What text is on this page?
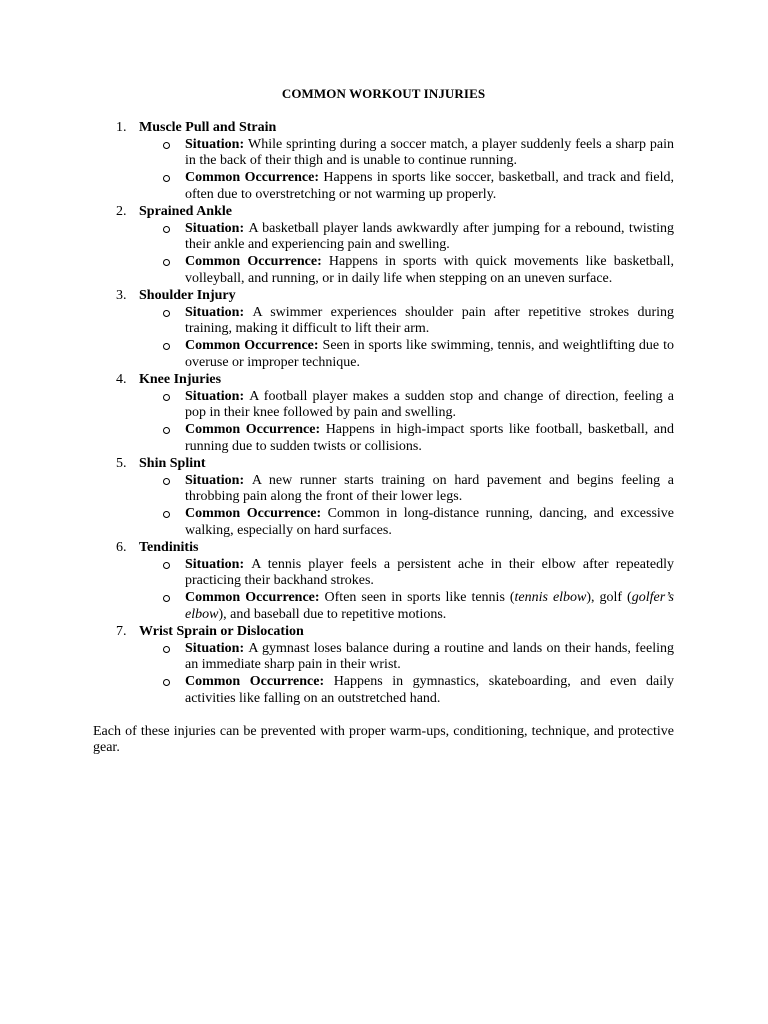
COMMON WORKOUT INJURIES
1. Muscle Pull and Strain
Situation: While sprinting during a soccer match, a player suddenly feels a sharp pain in the back of their thigh and is unable to continue running.
Common Occurrence: Happens in sports like soccer, basketball, and track and field, often due to overstretching or not warming up properly.
2. Sprained Ankle
Situation: A basketball player lands awkwardly after jumping for a rebound, twisting their ankle and experiencing pain and swelling.
Common Occurrence: Happens in sports with quick movements like basketball, volleyball, and running, or in daily life when stepping on an uneven surface.
3. Shoulder Injury
Situation: A swimmer experiences shoulder pain after repetitive strokes during training, making it difficult to lift their arm.
Common Occurrence: Seen in sports like swimming, tennis, and weightlifting due to overuse or improper technique.
4. Knee Injuries
Situation: A football player makes a sudden stop and change of direction, feeling a pop in their knee followed by pain and swelling.
Common Occurrence: Happens in high-impact sports like football, basketball, and running due to sudden twists or collisions.
5. Shin Splint
Situation: A new runner starts training on hard pavement and begins feeling a throbbing pain along the front of their lower legs.
Common Occurrence: Common in long-distance running, dancing, and excessive walking, especially on hard surfaces.
6. Tendinitis
Situation: A tennis player feels a persistent ache in their elbow after repeatedly practicing their backhand strokes.
Common Occurrence: Often seen in sports like tennis (tennis elbow), golf (golfer’s elbow), and baseball due to repetitive motions.
7. Wrist Sprain or Dislocation
Situation: A gymnast loses balance during a routine and lands on their hands, feeling an immediate sharp pain in their wrist.
Common Occurrence: Happens in gymnastics, skateboarding, and even daily activities like falling on an outstretched hand.

Each of these injuries can be prevented with proper warm-ups, conditioning, technique, and protective gear.
